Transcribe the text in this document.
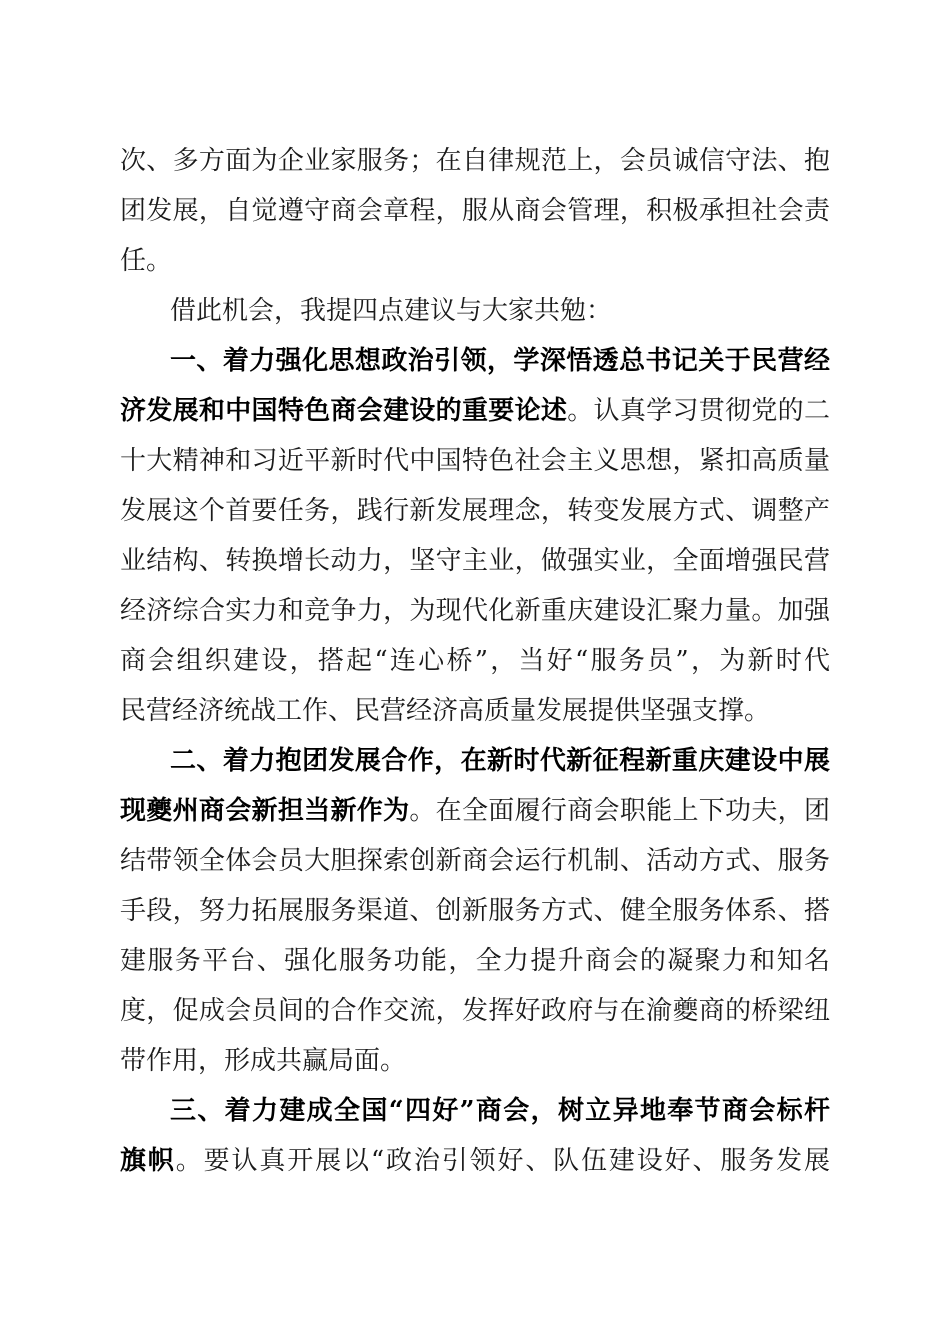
次、多方面为企业家服务；在自律规范上，会员诚信守法、抱
团发展，自觉遵守商会章程，服从商会管理，积极承担社会责
任。
借此机会，我提四点建议与大家共勉：
一、着力强化思想政治引领，学深悟透总书记关于民营经
济发展和中国特色商会建设的重要论述。认真学习贯彻党的二
十大精神和习近平新时代中国特色社会主义思想，紧扣高质量
发展这个首要任务，践行新发展理念，转变发展方式、调整产
业结构、转换增长动力，坚守主业，做强实业，全面增强民营
经济综合实力和竞争力，为现代化新重庆建设汇聚力量。加强
商会组织建设，搭起“连心桥”，当好“服务员”，为新时代
民营经济统战工作、民营经济高质量发展提供坚强支撑。
二、着力抱团发展合作，在新时代新征程新重庆建设中展
现夔州商会新担当新作为。在全面履行商会职能上下功夫，团
结带领全体会员大胆探索创新商会运行机制、活动方式、服务
手段，努力拓展服务渠道、创新服务方式、健全服务体系、搭
建服务平台、强化服务功能，全力提升商会的凝聚力和知名
度，促成会员间的合作交流，发挥好政府与在渝夔商的桥梁纽
带作用，形成共赢局面。
三、着力建成全国“四好”商会，树立异地奉节商会标杆
旗帜。要认真开展以“政治引领好、队伍建设好、服务发展
